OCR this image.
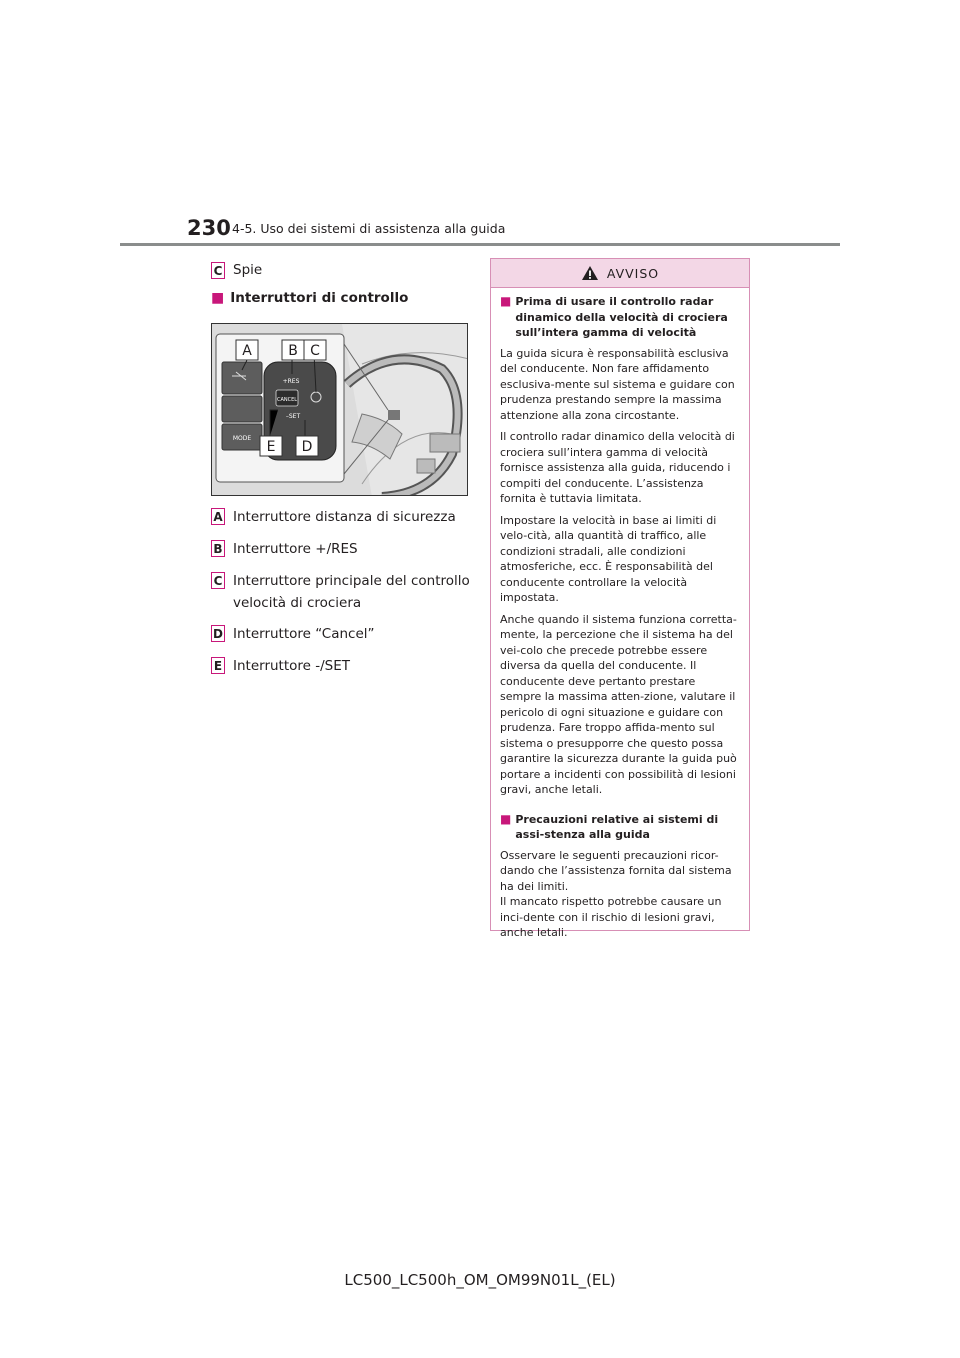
230 4-5. Uso dei sistemi di assistenza alla guida
C Spie
■ Interruttori di controllo
CANCEL
+RES
–SET
MODE
A	B C
E D
A Interruttore distanza di sicurezza
B Interruttore +/RES
C Interruttore principale del controllo
velocità di crociera
D Interruttore “Cancel”
E Interruttore -/SET
AVVISO
■ Prima di usare il controllo radar dinamico della velocità di crociera sull’intera gamma di velocità

La guida sicura è responsabilità esclusiva del conducente. Non fare affidamento esclusiva-mente sul sistema e guidare con prudenza prestando sempre la massima attenzione alla zona circostante.

Il controllo radar dinamico della velocità di crociera sull’intera gamma di velocità fornisce assistenza alla guida, riducendo i compiti del conducente. L’assistenza fornita è tuttavia limitata.

Impostare la velocità in base ai limiti di velo-cità, alla quantità di traffico, alle condizioni stradali, alle condizioni atmosferiche, ecc. È responsabilità del conducente controllare la velocità impostata.

Anche quando il sistema funziona corretta-mente, la percezione che il sistema ha del vei-colo che precede potrebbe essere diversa da quella del conducente. Il conducente deve pertanto prestare sempre la massima atten-zione, valutare il pericolo di ogni situazione e guidare con prudenza. Fare troppo affida-mento sul sistema o presupporre che questo possa garantire la sicurezza durante la guida può portare a incidenti con possibilità di lesioni gravi, anche letali.

■ Precauzioni relative ai sistemi di assi-stenza alla guida

Osservare le seguenti precauzioni ricor-dando che l’assistenza fornita dal sistema ha dei limiti.
Il mancato rispetto potrebbe causare un inci-dente con il rischio di lesioni gravi, anche letali.

LC500_LC500h_OM_OM99N01L_(EL)
